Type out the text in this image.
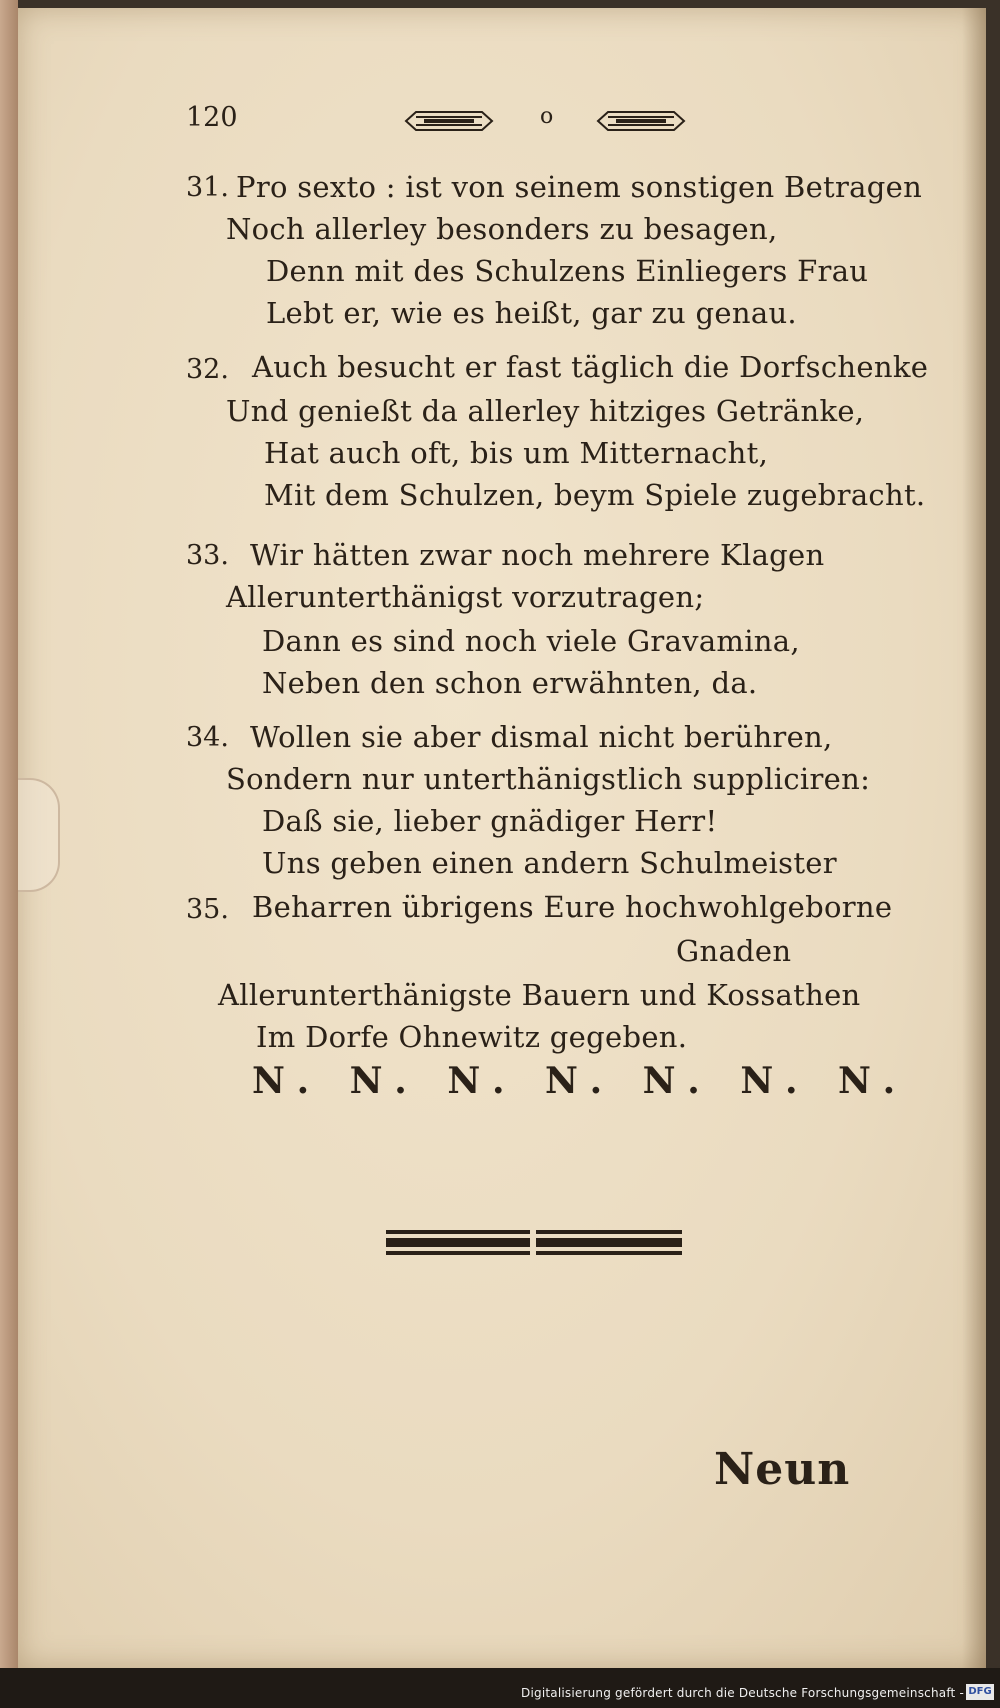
120	o
31. Pro sexto : ist von seinem sonstigen Betragen
Noch allerley besonders zu besagen,
Denn mit des Schulzens Einliegers Frau
Lebt er, wie es heißt, gar zu genau.
32. Auch besucht er fast täglich die Dorfschenke
Und genießt da allerley hitziges Getränke,
Hat auch oft, bis um Mitternacht,
Mit dem Schulzen, beym Spiele zugebracht.
33. Wir hätten zwar noch mehrere Klagen
Allerunterthänigst vorzutragen;
Dann es sind noch viele Gravamina,
Neben den schon erwähnten, da.
34. Wollen sie aber dismal nicht berühren,
Sondern nur unterthänigstlich suppliciren:
Daß sie, lieber gnädiger Herr!
Uns geben einen andern Schulmeister
35. Beharren übrigens Eure hochwohlgeborne
Gnaden
Allerunterthänigste Bauern und Kossathen
Im Dorfe Ohnewitz gegeben.
N. N. N. N. N. N. N.
Neun
Digitalisierung gefördert durch die Deutsche Forschungsgemeinschaft - DFG
